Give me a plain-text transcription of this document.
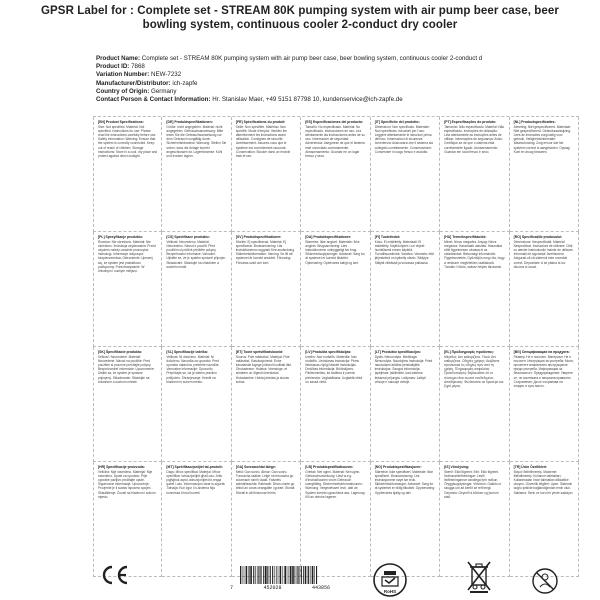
GPSR Label for : Complete set - STREAM 80K pumping system with air pump beer case, beer bowling system, continuous cooler 2-conduct dry cooler
Product Name: Complete set - STREAM 80K pumping system with air pump beer case, beer bowling system, continuous cooler 2-conduct d
Product ID: 7868
Variation Number: NEW-7232
Manufacturer/Distributor: ich-zapfe
Country of Origin: Germany
Contact Person & Contact Information: Hr. Stanislav Maer, +49 5151 87798 10, kundenservice@ich-zapfe.de
[EN] Product Specifications:
Size: Not specified. Material: Not specified. Instructions for use: Please read the instructions carefully before use. Safety information: Warning: Ensure that the system is correctly connected. Keep out of reach of children. Storage instructions: Store in a cool, dry place and protect against direct sunlight.
[DE] Produktspezifikationen:
Größe: nicht angegeben. Material: nicht angegeben. Gebrauchsanweisung: Bitte lesen Sie die Gebrauchsanweisung vor dem Gebrauch sorgfältig durch. Sicherheitshinweise: Warnung: Stellen Sie sicher, dass die Anlage korrekt angeschlossen ist. Lagerhinweise: Kühl und trocken lagern.
[FR] Spécifications du produit:
Taille: Non spécifiée. Matériau: Non spécifié. Mode d'emploi: Veuillez lire attentivement les instructions avant utilisation. Consignes de sécurité: Avertissement: Assurez-vous que le système est correctement raccordé. Conservation: Stocker dans un endroit frais et sec.
[ES] Especificaciones del producto:
Tamaño: No especificado. Material: No especificado. Instrucciones de uso: Lea atentamente las instrucciones antes de su uso. Información de seguridad: Advertencia: Asegúrese de que el sistema esté conectado correctamente. Almacenamiento: Guardar en un lugar fresco y seco.
[IT] Specifiche del prodotto:
Dimensioni: Non specificato. Materiale: Non specificato. Istruzioni per l'uso: Leggere attentamente le istruzioni prima dell'uso. Informazioni di sicurezza: Avvertenza: Assicurarsi che il sistema sia collegato correttamente. Conservazione: Conservare in luogo fresco e asciutto.
[PT] Especificações do produto:
Tamanho: Não especificado. Material: Não especificado. Instruções de utilização: Leia atentamente as instruções antes de utilizar. Informações de segurança: Aviso: Certifique-se de que o sistema está corretamente ligado. Armazenamento: Guardar em local fresco e seco.
[NL] Productspecificaties:
Afmeting: Niet gespecificeerd. Materiaal: Niet gespecificeerd. Gebruiksaanwijzing: Lees de instructies zorgvuldig voor gebruik. Veiligheidsinformatie: Waarschuwing: Zorg ervoor dat het systeem correct is aangesloten. Opslag: Koel en droog bewaren.
[PL] Specyfikacje produktu:
Rozmiar: Nie określono. Materiał: Nie określono. Instrukcja użytkowania: Przed użyciem należy uważnie przeczytać instrukcję. Informacje dotyczące bezpieczeństwa: Ostrzeżenie: Upewnij się, że system jest prawidłowo podłączony. Przechowywanie: W chłodnym i suchym miejscu.
[CS] Specifikace produktu:
Velikost: Neuvedeno. Materiál: Neuvedeno. Návod k použití: Před použitím si pečlivě přečtěte pokyny. Bezpečnostní informace: Varování: Ujistěte se, že je systém správně připojen. Skladování: Skladujte na chladném a suchém místě.
[SV] Produktspecifikationer:
Storlek: Ej specificerad. Material: Ej specificerat. Bruksanvisning: Läs instruktionerna noggrant före användning. Säkerhetsinformation: Varning: Se till att systemet är korrekt anslutet. Förvaring: Förvaras svalt och torrt.
[DA] Produktspecifikationer:
Størrelse: Ikke angivet. Materiale: Ikke angivet. Brugsanvisning: Læs instruktionerne omhyggeligt før brug. Sikkerhedsoplysninger: Advarsel: Sørg for, at systemet er korrekt tilsluttet. Opbevaring: Opbevares køligt og tørt.
[FI] Tuotetiedot:
Koko: Ei määritelty. Materiaali: Ei määritelty. Käyttöohjeet: Lue ohjeet huolellisesti ennen käyttöä. Turvallisuustiedot: Varoitus: Varmista, että järjestelmä on kytketty oikein. Säilytys: Säilytä viileässä ja kuivassa paikassa.
[HU] Termékspecifikációk:
Méret: Nincs megadva. Anyag: Nincs megadva. Használati utasítás: Használat előtt figyelmesen olvassa el az utasításokat. Biztonsági információk: Figyelmeztetés: Győződjön meg róla, hogy a rendszer megfelelően csatlakozik. Tárolás: Hűvös, száraz helyen tárolandó.
[RO] Specificațiile produsului:
Dimensiune: Nespecificată. Material: Nespecificat. Instrucțiuni de utilizare: Citiți cu atenție instrucțiunile înainte de utilizare. Informații de siguranță: Avertisment: Asigurați-vă că sistemul este conectat corect. Depozitare: A se păstra la loc răcoros și uscat.
[SK] Špecifikácie produktu:
Veľkosť: Neuvedené. Materiál: Neuvedené. Návod na použitie: Pred použitím si pozorne prečítajte pokyny. Bezpečnostné informácie: Upozornenie: Uistite sa, že systém je správne pripojený. Skladovanie: Skladujte na chladnom a suchom mieste.
[SL] Specifikacije izdelka:
Velikost: Ni določeno. Material: Ni določeno. Navodila za uporabo: Pred uporabo natančno preberite navodila. Varnostne informacije: Opozorilo: Prepričajte se, da je sistem pravilno priključen. Shranjevanje: Hraniti na hladnem in suhem mestu.
[ET] Toote spetsifikatsioonid:
Suurus: Pole määratud. Materjal: Pole määratud. Kasutusjuhend: Enne kasutamist lugege juhised hoolikalt läbi. Ohutusteave: Hoiatus: Veenduge, et süsteem on õigesti ühendatud. Hoiustamine: Hoida jahedas ja kuivas kohas.
[LV] Produkta specifikācijas:
Izmērs: Nav norādīts. Materiāls: Nav norādīts. Lietošanas instrukcija: Pirms lietošanas rūpīgi izlasiet instrukcijas. Drošības informācija: Brīdinājums: Pārliecinieties, ka sistēma ir pareizi pievienota. Uzglabāšana: Uzglabāt vēsā un sausā vietā.
[LT] Produkto specifikacijos:
Dydis: Nenurodyta. Medžiaga: Nenurodyta. Naudojimo instrukcija: Prieš naudodami atidžiai perskaitykite instrukcijas. Saugos informacija: Įspėjimas: Įsitikinkite, kad sistema tinkamai prijungta. Laikymas: Laikyti vėsioje ir sausoje vietoje.
[EL] Προδιαγραφές προϊόντος:
Μέγεθος: Δεν καθορίζεται. Υλικό: Δεν καθορίζεται. Οδηγίες χρήσης: Διαβάστε προσεκτικά τις οδηγίες πριν από τη χρήση. Πληροφορίες ασφαλείας: Προειδοποίηση: Βεβαιωθείτε ότι το σύστημα είναι σωστά συνδεδεμένο. Αποθήκευση: Φυλάσσεται σε δροσερό και ξηρό μέρος.
[BG] Спецификации на продукта:
Размер: Не е посочен. Материал: Не е посочен. Инструкции за употреба: Моля, прочетете внимателно инструкциите преди употреба. Информация за безопасност: Предупреждение: Уверете се, че системата е свързана правилно. Съхранение: Да се съхранява на хладно и сухо място.
[HR] Specifikacije proizvoda:
Veličina: Nije navedeno. Materijal: Nije navedeno. Upute za uporabu: Prije uporabe pažljivo pročitajte upute. Sigurnosne informacije: Upozorenje: Provjerite je li sustav ispravno spojen. Skladištenje: Čuvati na hladnom i suhom mjestu.
[MT] Speċifikazzjonijiet tal-prodott:
Daqs: Mhux speċifikat. Materjal: Mhux speċifikat. Istruzzjonijiet għall-użu: Jekk jogħġbok aqra l-istruzzjonijiet bir-reqqa qabel l-użu. Informazzjoni dwar is-sigurtà: Twissija: Kun żgur li s-sistema hija konnessa b'mod korrett.
[GA] Sonraíochtaí táirge:
Méid: Gan sonrú. Ábhar: Gan sonrú. Treoracha úsáide: Léigh na treoracha go cúramach roimh úsáid. Faisnéis sábháilteachta: Rabhadh: Déan cinnte go bhfuil an córas ceangailte i gceart. Stóráil: Stóráil in áit fhionnuar thirim.
[LB] Produktspezifikatiounen:
Gréisst: Net uginn. Material: Net uginn. Gebrauchsuweisung: Liest w.e.g. d'Instruktiounen virum Gebrauch suergfälteg. Sécherheetsinformatiounen: Warnung: Vergewëssert Iech, datt de System korrekt ugeschloss ass. Lagerung: Kill an dréche lageren.
[NO] Produktspesifikasjoner:
Størrelse: Ikke spesifisert. Materiale: Ikke spesifisert. Bruksanvisning: Les instruksjonene nøye før bruk. Sikkerhetsinformasjon: Advarsel: Sørg for at systemet er riktig tilkoblet. Oppbevaring: Oppbevares kjølig og tørt.
[IS] Vörulýsing:
Stærð: Ekki tilgreint. Efni: Ekki tilgreint. Notkunarleiðbeiningar: Lesið leiðbeiningarnar vandlega fyrir notkun. Öryggisupplýsingar: Viðvörun: Gakktu úr skugga um að kerfið sé rétt tengt. Geymsla: Geymið á köldum og þurrum stað.
[TR] Ürün Özellikleri:
Boyut: Belirtilmemiş. Malzeme: Belirtilmemiş. Kullanım talimatları: Kullanmadan önce talimatları dikkatlice okuyun. Güvenlik bilgileri: Uyarı: Sistemin doğru şekilde bağlandığından emin olun. Saklama: Serin ve kuru bir yerde saklayın.
7	452028	443856
RoHS
